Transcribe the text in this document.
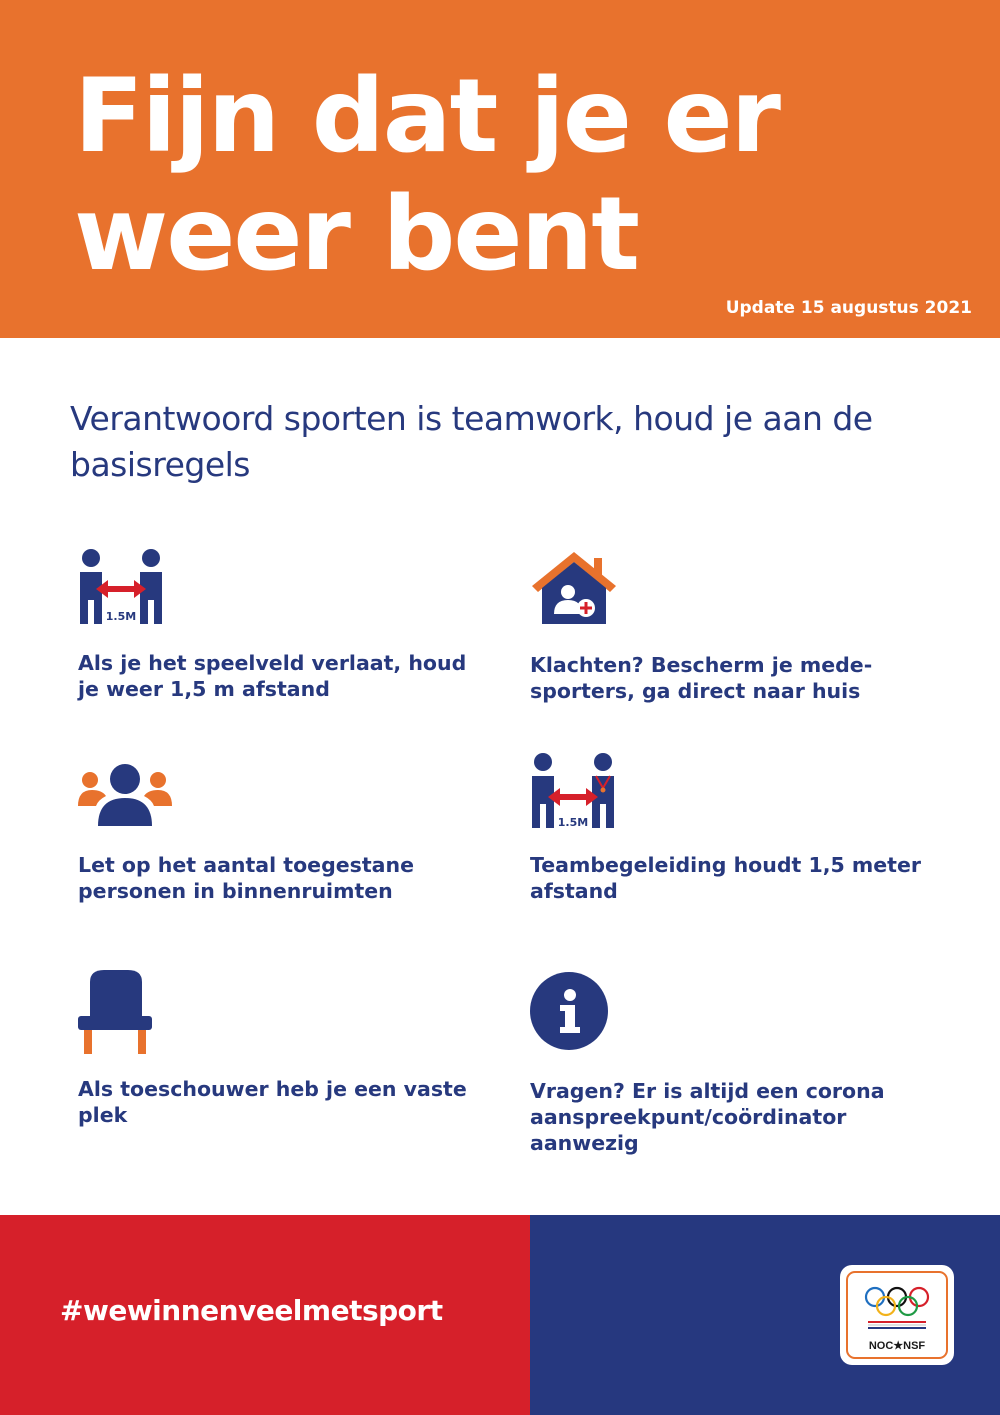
Fijn dat je er
weer bent
Update 15 augustus 2021
Verantwoord sporten is teamwork, houd je aan de basisregels
1.5M

Als je het speelveld verlaat, houd je weer 1,5 m afstand

Klachten? Bescherm je mede-sporters, ga direct naar huis

Let op het aantal toegestane personen in binnenruimten

1.5M

Teambegeleiding houdt 1,5 meter afstand

Als toeschouwer heb je een vaste plek

Vragen? Er is altijd een corona aanspreekpunt/coördinator aanwezig

#wewinnenveelmetsport
NOC★NSF
